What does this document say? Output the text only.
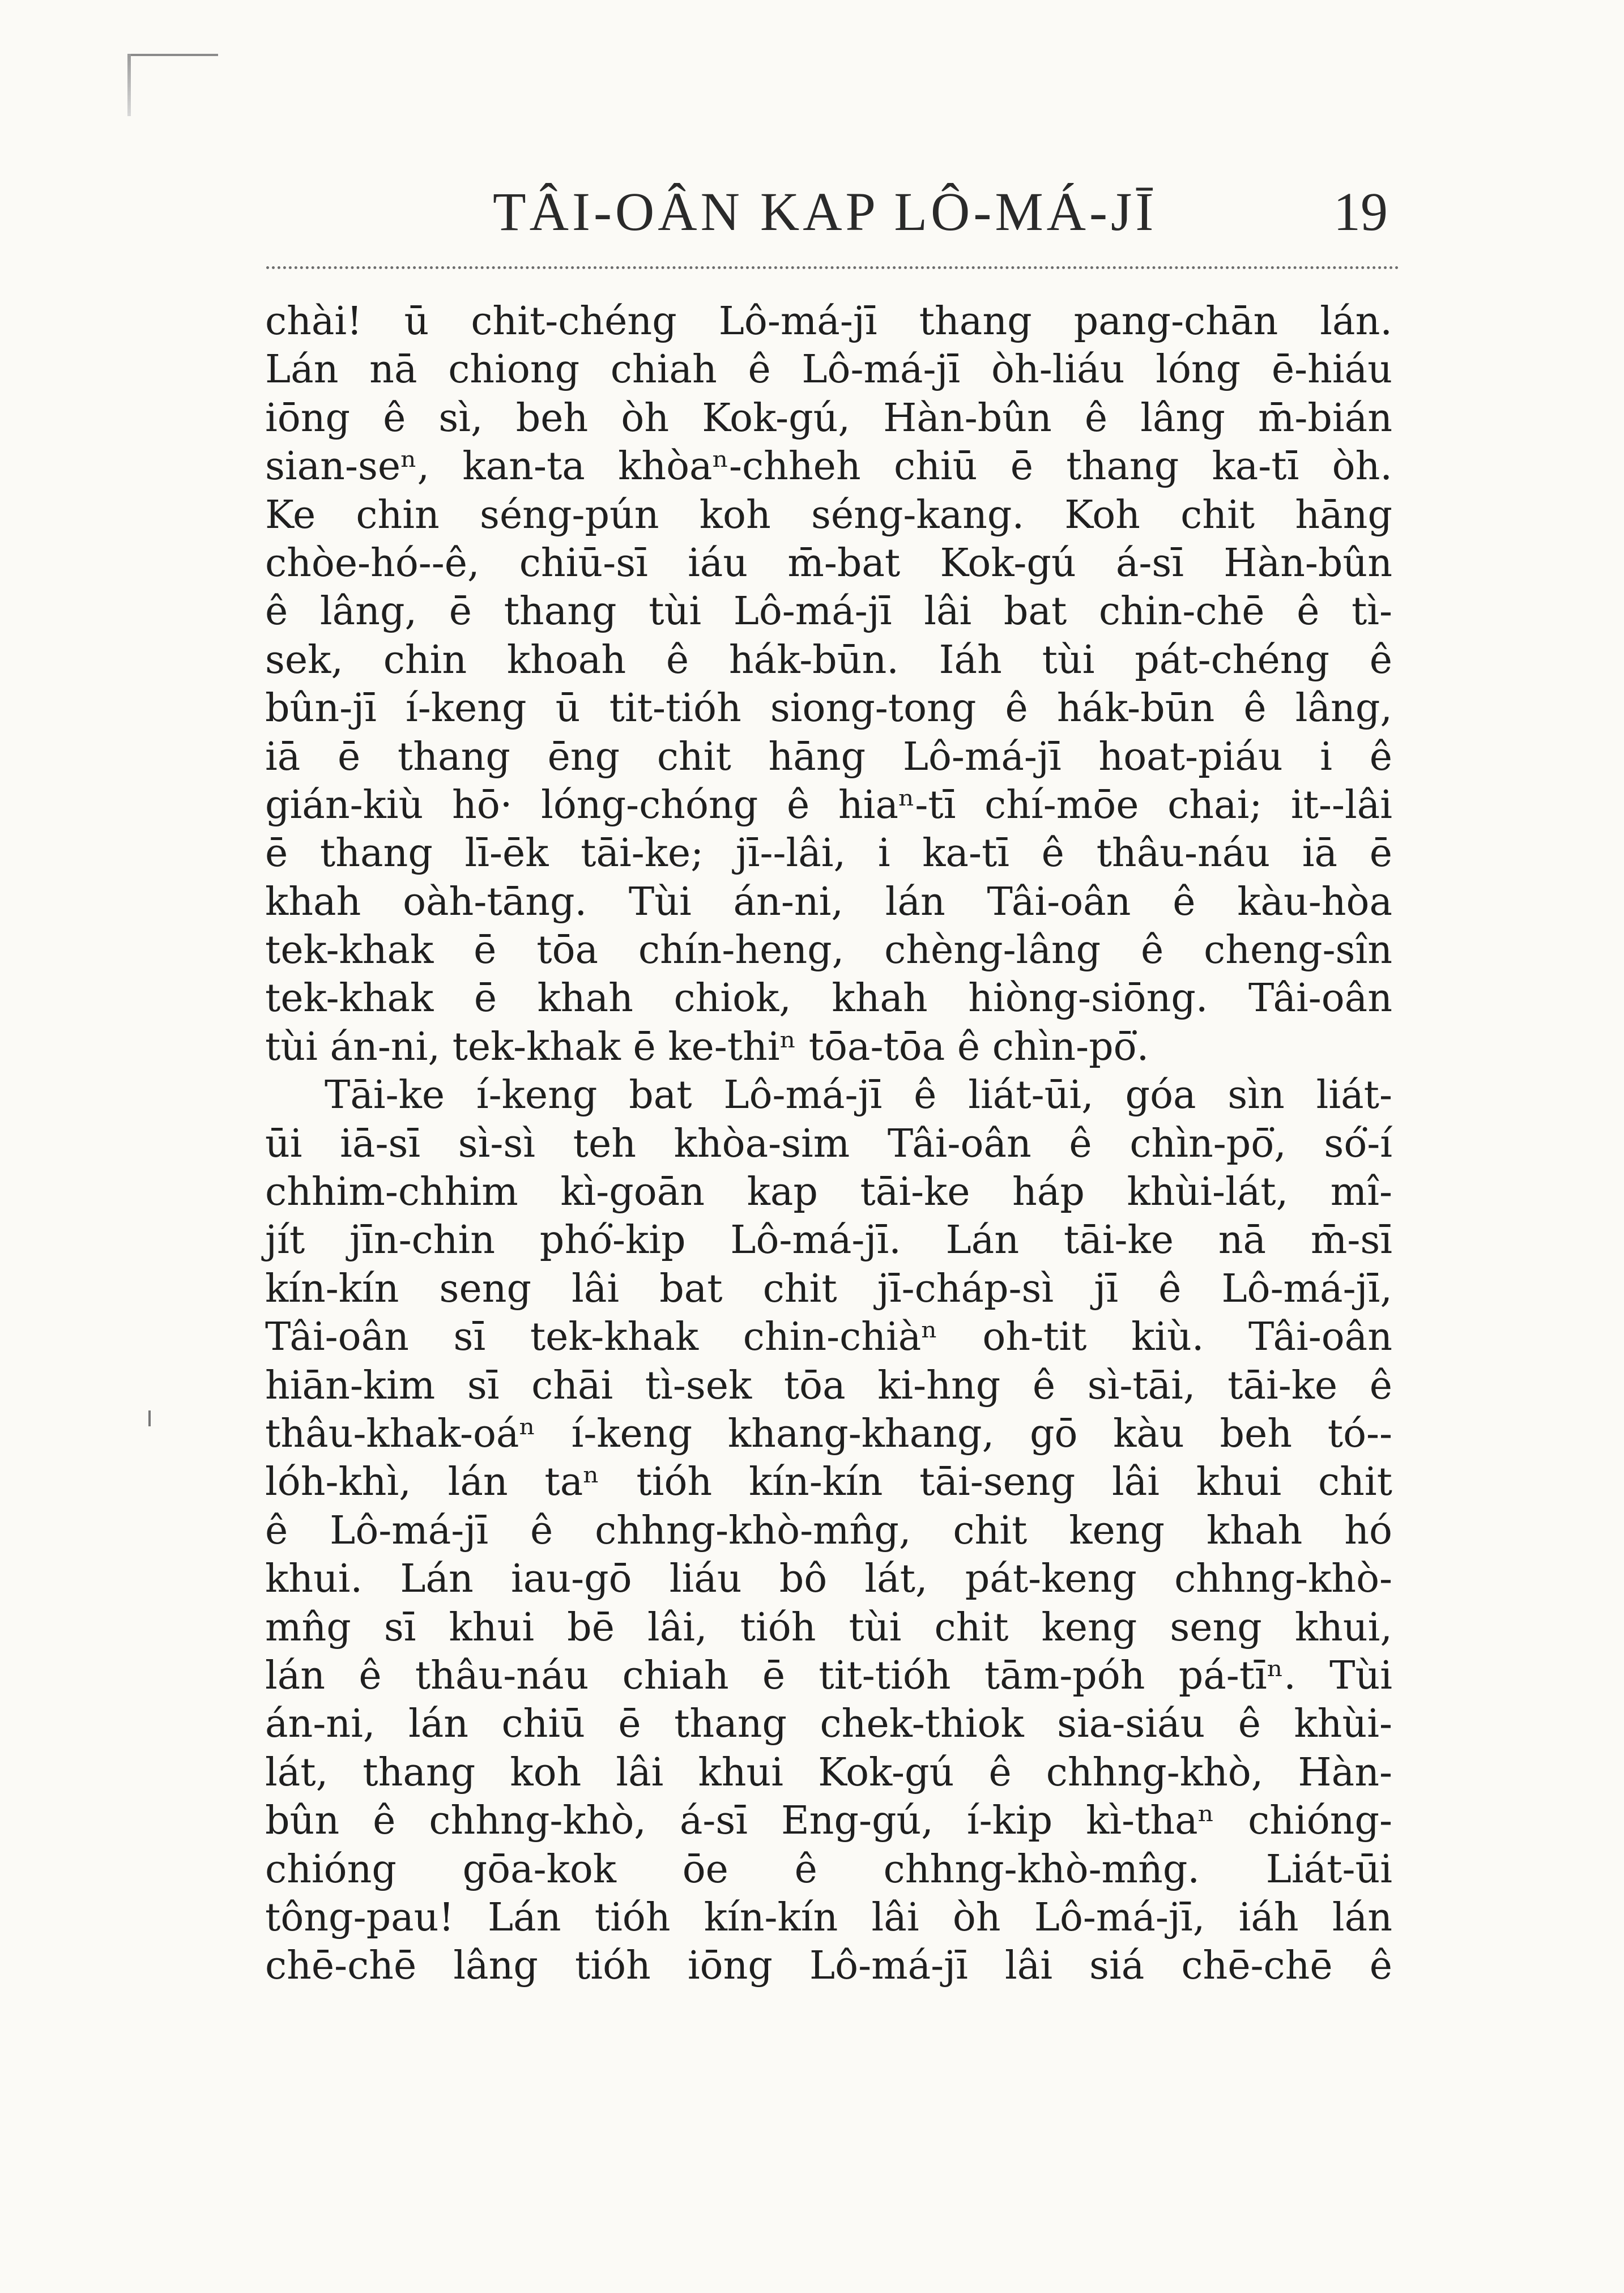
TÂI-OÂN KAP LÔ-MÁ-JĪ	19
chài! ū chit-chéng Lô-má-jī thang pang-chān lán.
Lán nā chiong chiah ê Lô-má-jī òh-liáu lóng ē-hiáu
iōng ê sì, beh òh Kok-gú, Hàn-bûn ê lâng m̄-bián
sian-seⁿ, kan-ta khòaⁿ-chheh chiū ē thang ka-tī òh.
Ke chin séng-pún koh séng-kang. Koh chit hāng
chòe-hó--ê, chiū-sī iáu m̄-bat Kok-gú á-sī Hàn-bûn
ê lâng, ē thang tùi Lô-má-jī lâi bat chin-chē ê tì-
sek, chin khoah ê hák-būn. Iáh tùi pát-chéng ê
bûn-jī í-keng ū tit-tióh siong-tong ê hák-būn ê lâng,
iā ē thang ēng chit hāng Lô-má-jī hoat-piáu i ê
gián-kiù hō· lóng-chóng ê hiaⁿ-tī chí-mōe chai; it--lâi
ē thang lī-ēk tāi-ke; jī--lâi, i ka-tī ê thâu-náu iā ē
khah oàh-tāng. Tùi án-ni, lán Tâi-oân ê kàu-hòa
tek-khak ē tōa chín-heng, chèng-lâng ê cheng-sîn
tek-khak ē khah chiok, khah hiòng-siōng. Tâi-oân
tùi án-ni, tek-khak ē ke-thiⁿ tōa-tōa ê chìn-pō͘.
Tāi-ke í-keng bat Lô-má-jī ê liát-ūi, góa sìn liát-
ūi iā-sī sì-sì teh khòa-sim Tâi-oân ê chìn-pō͘, só͘-í
chhim-chhim kì-goān kap tāi-ke háp khùi-lát, mî-
jít jīn-chin phó͘-kip Lô-má-jī. Lán tāi-ke nā m̄-sī
kín-kín seng lâi bat chit jī-cháp-sì jī ê Lô-má-jī,
Tâi-oân sī tek-khak chin-chiàⁿ oh-tit kiù. Tâi-oân
hiān-kim sī chāi tì-sek tōa ki-hng ê sì-tāi, tāi-ke ê
thâu-khak-oáⁿ í-keng khang-khang, gō kàu beh tó--
lóh-khì, lán taⁿ tióh kín-kín tāi-seng lâi khui chit
ê Lô-má-jī ê chhng-khò-mn̂g, chit keng khah hó
khui. Lán iau-gō liáu bô lát, pát-keng chhng-khò-
mn̂g sī khui bē lâi, tióh tùi chit keng seng khui,
lán ê thâu-náu chiah ē tit-tióh tām-póh pá-tīⁿ. Tùi
án-ni, lán chiū ē thang chek-thiok sia-siáu ê khùi-
lát, thang koh lâi khui Kok-gú ê chhng-khò, Hàn-
bûn ê chhng-khò, á-sī Eng-gú, í-kip kì-thaⁿ chióng-
chióng gōa-kok ōe ê chhng-khò-mn̂g. Liát-ūi
tông-pau! Lán tióh kín-kín lâi òh Lô-má-jī, iáh lán
chē-chē lâng tióh iōng Lô-má-jī lâi siá chē-chē ê
